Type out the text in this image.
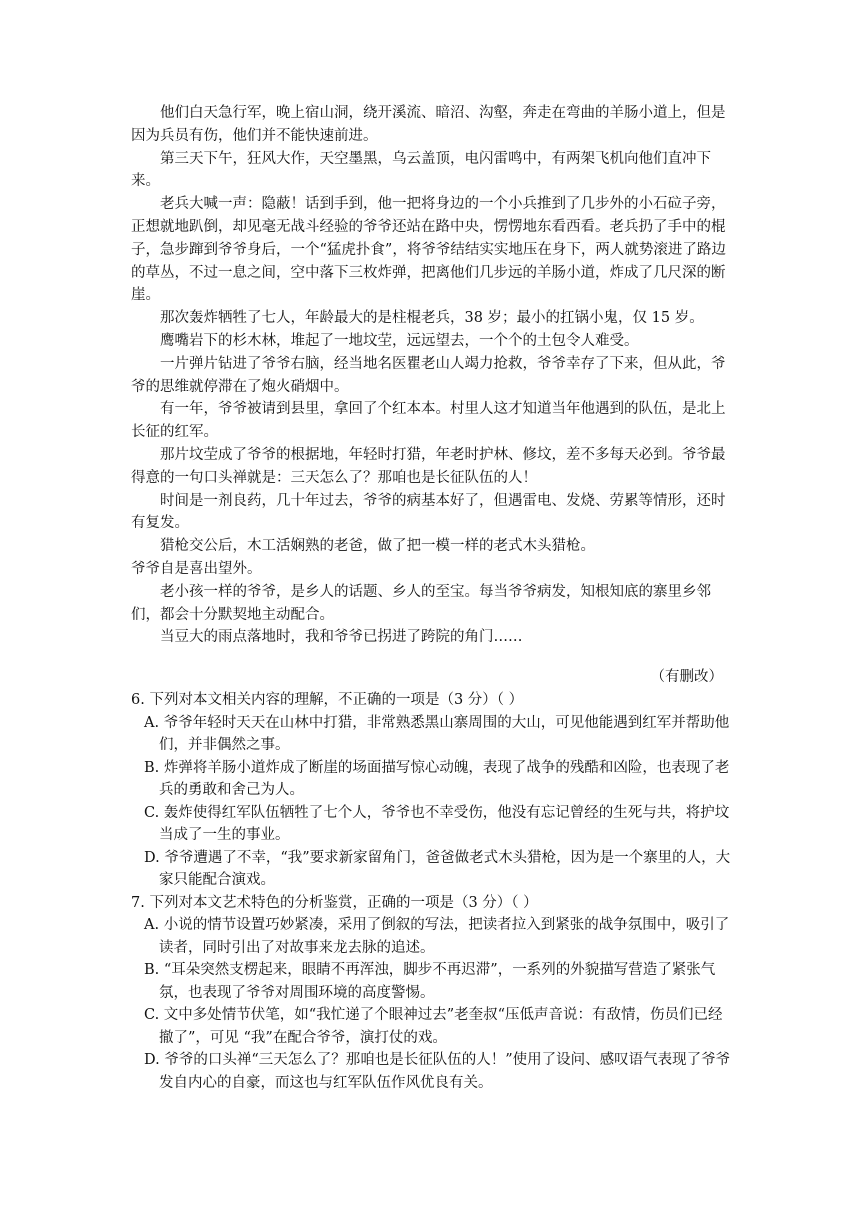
他们白天急行军，晚上宿山洞，绕开溪流、暗沼、沟壑，奔走在弯曲的羊肠小道上，但是因为兵员有伤，他们并不能快速前进。

第三天下午，狂风大作，天空墨黑，乌云盖顶，电闪雷鸣中，有两架飞机向他们直冲下来。

老兵大喊一声：隐蔽！话到手到，他一把将身边的一个小兵推到了几步外的小石砬子旁，正想就地趴倒，却见毫无战斗经验的爷爷还站在路中央，愣愣地东看西看。老兵扔了手中的棍子，急步蹿到爷爷身后，一个“猛虎扑食”，将爷爷结结实实地压在身下，两人就势滚进了路边的草丛，不过一息之间，空中落下三枚炸弹，把离他们几步远的羊肠小道，炸成了几尺深的断崖。

那次轰炸牺牲了七人，年龄最大的是柱棍老兵，38 岁；最小的扛锅小鬼，仅 15 岁。

鹰嘴岩下的杉木林，堆起了一地坟茔，远远望去，一个个的土包令人难受。

一片弹片钻进了爷爷右脑，经当地名医瞿老山人竭力抢救，爷爷幸存了下来，但从此，爷爷的思维就停滞在了炮火硝烟中。

有一年，爷爷被请到县里，拿回了个红本本。村里人这才知道当年他遇到的队伍，是北上长征的红军。

那片坟茔成了爷爷的根据地，年轻时打猎，年老时护林、修坟，差不多每天必到。爷爷最得意的一句口头禅就是：三天怎么了？那咱也是长征队伍的人！

时间是一剂良药，几十年过去，爷爷的病基本好了，但遇雷电、发烧、劳累等情形，还时有复发。

猎枪交公后，木工活娴熟的老爸，做了把一模一样的老式木头猎枪。

爷爷自是喜出望外。

老小孩一样的爷爷，是乡人的话题、乡人的至宝。每当爷爷病发，知根知底的寨里乡邻们，都会十分默契地主动配合。

当豆大的雨点落地时，我和爷爷已拐进了跨院的角门……

（有删改）

6. 下列对本文相关内容的理解，不正确的一项是（3 分）（ ）

A. 爷爷年轻时天天在山林中打猎，非常熟悉黑山寨周围的大山，可见他能遇到红军并帮助他们，并非偶然之事。

B. 炸弹将羊肠小道炸成了断崖的场面描写惊心动魄，表现了战争的残酷和凶险，也表现了老兵的勇敢和舍己为人。

C. 轰炸使得红军队伍牺牲了七个人，爷爷也不幸受伤，他没有忘记曾经的生死与共，将护坟当成了一生的事业。

D. 爷爷遭遇了不幸，“我”要求新家留角门，爸爸做老式木头猎枪，因为是一个寨里的人，大家只能配合演戏。

7. 下列对本文艺术特色的分析鉴赏，正确的一项是（3 分）（ ）

A. 小说的情节设置巧妙紧凑，采用了倒叙的写法，把读者拉入到紧张的战争氛围中，吸引了读者，同时引出了对故事来龙去脉的追述。

B. “耳朵突然支楞起来，眼睛不再浑浊，脚步不再迟滞”，一系列的外貌描写营造了紧张气氛，也表现了爷爷对周围环境的高度警惕。

C. 文中多处情节伏笔，如“我忙递了个眼神过去”老奎叔“压低声音说：有敌情，伤员们已经撤了”，可见 “我”在配合爷爷，演打仗的戏。

D. 爷爷的口头禅“三天怎么了？那咱也是长征队伍的人！”使用了设问、感叹语气表现了爷爷发自内心的自豪，而这也与红军队伍作风优良有关。
